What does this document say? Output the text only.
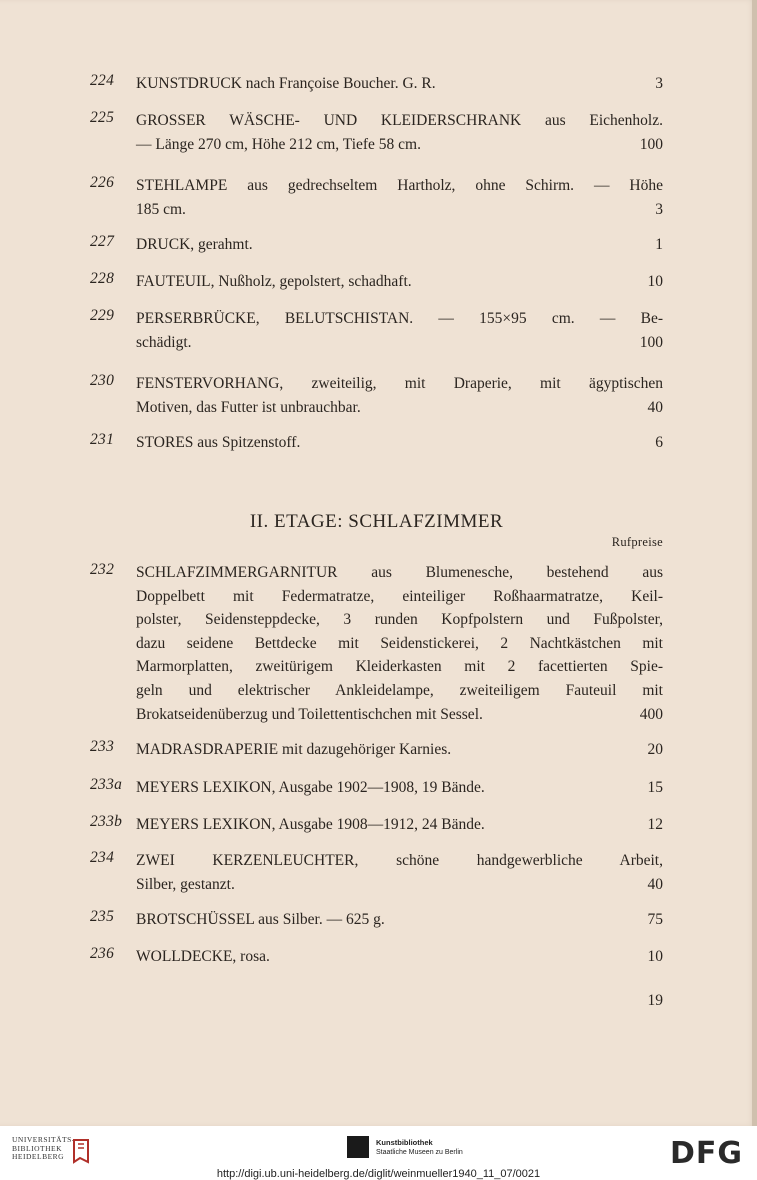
II. ETAGE: SCHLAFZIMMER
Rufpreise
19
224 KUNSTDRUCK nach Françoise Boucher. G. R.	3
225 GROSSER WÄSCHE- UND KLEIDERSCHRANK aus Eichenholz.
— Länge 270 cm, Höhe 212 cm, Tiefe 58 cm.	100
226 STEHLAMPE aus gedrechseltem Hartholz, ohne Schirm. — Höhe
185 cm.	3
227 DRUCK, gerahmt.	1
228 FAUTEUIL, Nußholz, gepolstert, schadhaft.	10
229 PERSERBRÜCKE, BELUTSCHISTAN. — 155×95 cm. — Be-
schädigt.	100
230 FENSTERVORHANG, zweiteilig, mit Draperie, mit ägyptischen
Motiven, das Futter ist unbrauchbar.	40
231 STORES aus Spitzenstoff.	6
232 SCHLAFZIMMERGARNITUR aus Blumenesche, bestehend aus
Doppelbett mit Federmatratze, einteiliger Roßhaarmatratze, Keil-
polster, Seidensteppdecke, 3 runden Kopfpolstern und Fußpolster,
dazu seidene Bettdecke mit Seidenstickerei, 2 Nachtkästchen mit
Marmorplatten, zweitürigem Kleiderkasten mit 2 facettierten Spie-
geln und elektrischer Ankleidelampe, zweiteiligem Fauteuil mit
Brokatseidenüberzug und Toilettentischchen mit Sessel.	400
233 MADRASDRAPERIE mit dazugehöriger Karnies.	20
233a MEYERS LEXIKON, Ausgabe 1902—1908, 19 Bände.	15
233b MEYERS LEXIKON, Ausgabe 1908—1912, 24 Bände.	12
234 ZWEI KERZENLEUCHTER, schöne handgewerbliche Arbeit,
Silber, gestanzt.	40
235 BROTSCHÜSSEL aus Silber. — 625 g.	75
236 WOLLDECKE, rosa.	10
UNIVERSITÄTS-
BIBLIOTHEK
HEIDELBERG
Kunstbibliothek
Staatliche Museen zu Berlin	DFG
http://digi.ub.uni-heidelberg.de/diglit/weinmueller1940_11_07/0021
